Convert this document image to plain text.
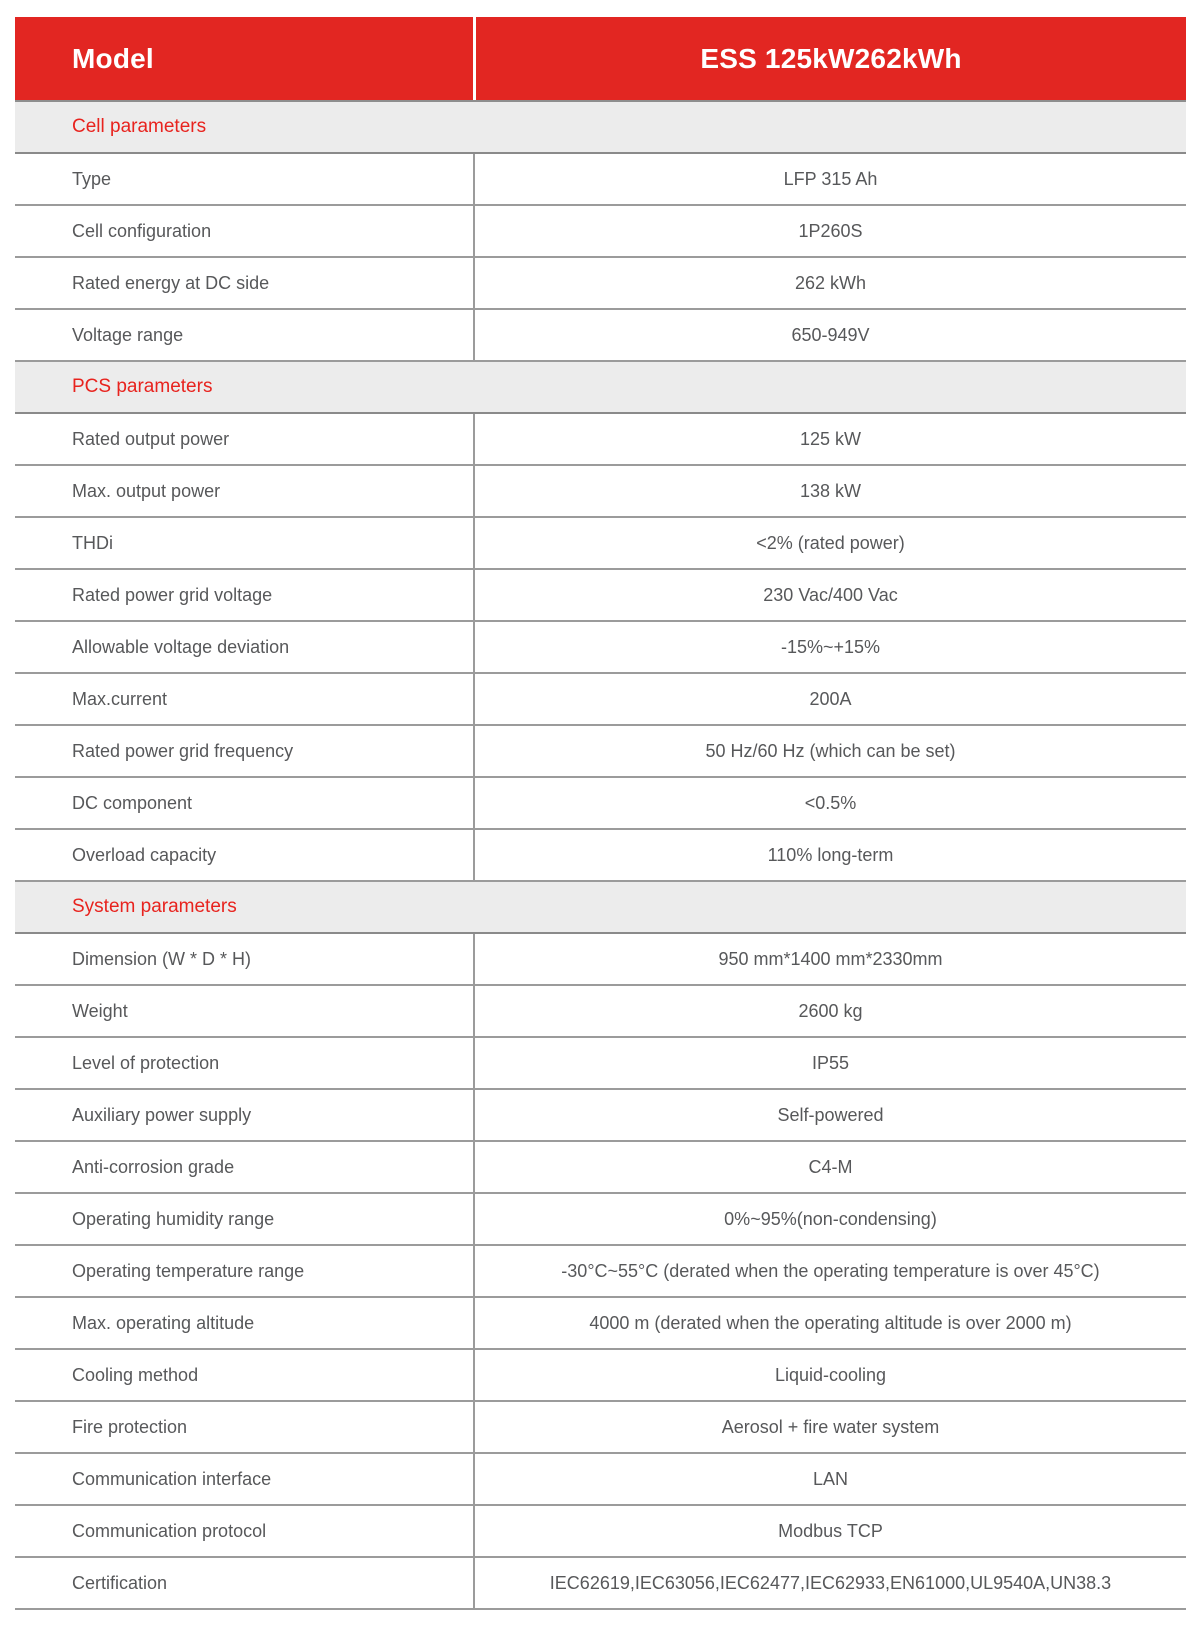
Model	ESS 125kW262kWh
Cell parameters
Type	LFP 315 Ah
Cell configuration	1P260S
Rated energy at DC side	262 kWh
Voltage range	650-949V
PCS parameters
Rated output power	125 kW
Max. output power	138 kW
THDi	<2% (rated power)
Rated power grid voltage	230 Vac/400 Vac
Allowable voltage deviation	-15%~+15%
Max.current	200A
Rated power grid frequency	50 Hz/60 Hz (which can be set)
DC component	<0.5%
Overload capacity	110% long-term
System parameters
Dimension (W * D * H)	950 mm*1400 mm*2330mm
Weight	2600 kg
Level of protection	IP55
Auxiliary power supply	Self-powered
Anti-corrosion grade	C4-M
Operating humidity range	0%~95%(non-condensing)
Operating temperature range	-30°C~55°C (derated when the operating temperature is over 45°C)
Max. operating altitude	4000 m (derated when the operating altitude is over 2000 m)
Cooling method	Liquid-cooling
Fire protection	Aerosol + fire water system
Communication interface	LAN
Communication protocol	Modbus TCP
Certification	IEC62619,IEC63056,IEC62477,IEC62933,EN61000,UL9540A,UN38.3
